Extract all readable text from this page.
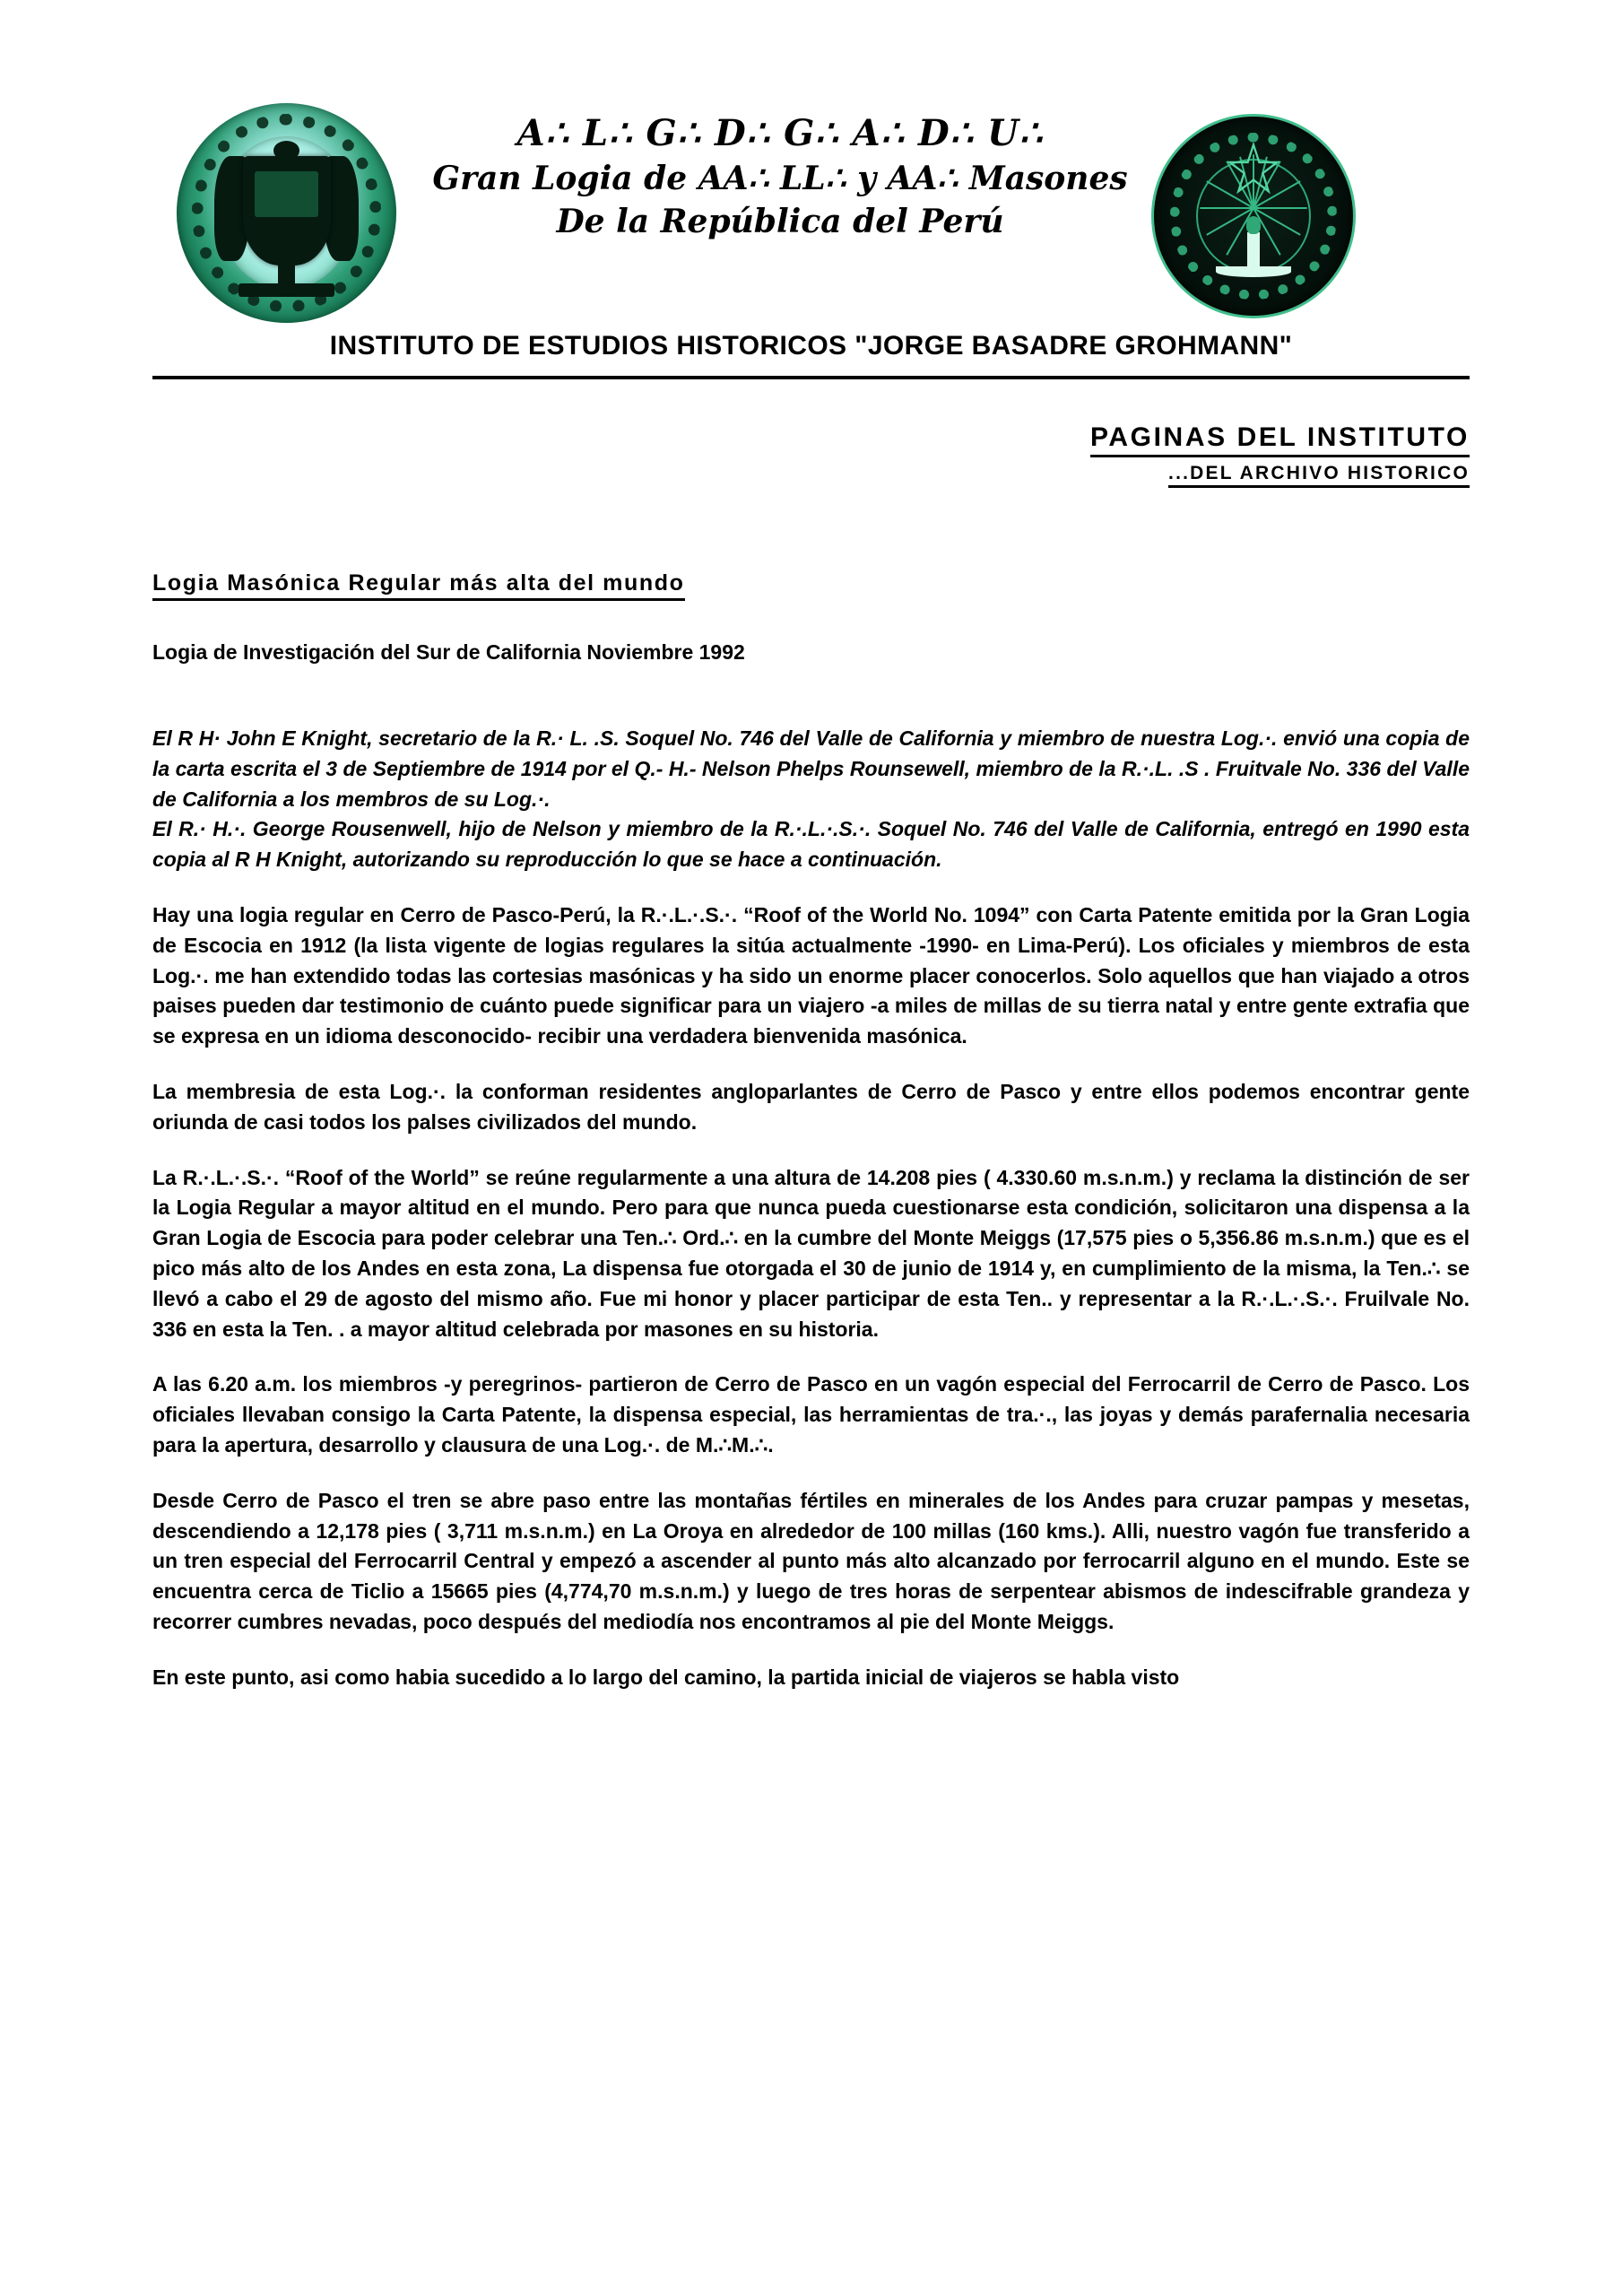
A∴ L∴ G∴ D∴ G∴ A∴ D∴ U∴
Gran Logia de AA∴ LL∴ y AA∴ Masones
De la República del Perú
INSTITUTO DE ESTUDIOS HISTORICOS "JORGE BASADRE GROHMANN"
PAGINAS DEL INSTITUTO
...DEL ARCHIVO HISTORICO
Logia Masónica Regular más alta del mundo
Logia de Investigación del Sur de California Noviembre 1992

El R H· John E Knight, secretario de la R.· L. .S. Soquel No. 746 del Valle de California y miembro de nuestra Log.·. envió una copia de la carta escrita el 3 de Septiembre de 1914 por el Q.- H.- Nelson Phelps Rounsewell, miembro de la R.·.L. .S . Fruitvale No. 336 del Valle de California a los membros de su Log.·.

El R.· H.·. George Rousenwell, hijo de Nelson y miembro de la R.·.L.·.S.·. Soquel No. 746 del Valle de California, entregó en 1990 esta copia al R H Knight, autorizando su reproducción lo que se hace a continuación.

Hay una logia regular en Cerro de Pasco-Perú, la R.·.L.·.S.·. “Roof of the World No. 1094” con Carta Patente emitida por la Gran Logia de Escocia en 1912 (la lista vigente de logias regulares la sitúa actualmente -1990- en Lima-Perú). Los oficiales y miembros de esta Log.·. me han extendido todas las cortesias masónicas y ha sido un enorme placer conocerlos. Solo aquellos que han viajado a otros paises pueden dar testimonio de cuánto puede significar para un viajero -a miles de millas de su tierra natal y entre gente extrafia que se expresa en un idioma desconocido- recibir una verdadera bienvenida masónica.

La membresia de esta Log.·. la conforman residentes angloparlantes de Cerro de Pasco y entre ellos podemos encontrar gente oriunda de casi todos los palses civilizados del mundo.

La R.·.L.·.S.·. “Roof of the World” se reúne regularmente a una altura de 14.208 pies ( 4.330.60 m.s.n.m.) y reclama la distinción de ser la Logia Regular a mayor altitud en el mundo. Pero para que nunca pueda cuestionarse esta condición, solicitaron una dispensa a la Gran Logia de Escocia para poder celebrar una Ten.∴ Ord.∴ en la cumbre del Monte Meiggs (17,575 pies o 5,356.86 m.s.n.m.) que es el pico más alto de los Andes en esta zona, La dispensa fue otorgada el 30 de junio de 1914 y, en cumplimiento de la misma, la Ten.∴ se llevó a cabo el 29 de agosto del mismo año. Fue mi honor y placer participar de esta Ten.. y representar a la R.·.L.·.S.·. Fruilvale No. 336 en esta la Ten. . a mayor altitud celebrada por masones en su historia.

A las 6.20 a.m. los miembros -y peregrinos- partieron de Cerro de Pasco en un vagón especial del Ferrocarril de Cerro de Pasco. Los oficiales llevaban consigo la Carta Patente, la dispensa especial, las herramientas de tra.·., las joyas y demás parafernalia necesaria para la apertura, desarrollo y clausura de una Log.·. de M.∴M.∴.

Desde Cerro de Pasco el tren se abre paso entre las montañas fértiles en minerales de los Andes para cruzar pampas y mesetas, descendiendo a 12,178 pies ( 3,711 m.s.n.m.) en La Oroya en alrededor de 100 millas (160 kms.). Alli, nuestro vagón fue transferido a un tren especial del Ferrocarril Central y empezó a ascender al punto más alto alcanzado por ferrocarril alguno en el mundo. Este se encuentra cerca de Ticlio a 15665 pies (4,774,70 m.s.n.m.) y luego de tres horas de serpentear abismos de indescifrable grandeza y recorrer cumbres nevadas, poco después del mediodía nos encontramos al pie del Monte Meiggs.

En este punto, asi como habia sucedido a lo largo del camino, la partida inicial de viajeros se habla visto
